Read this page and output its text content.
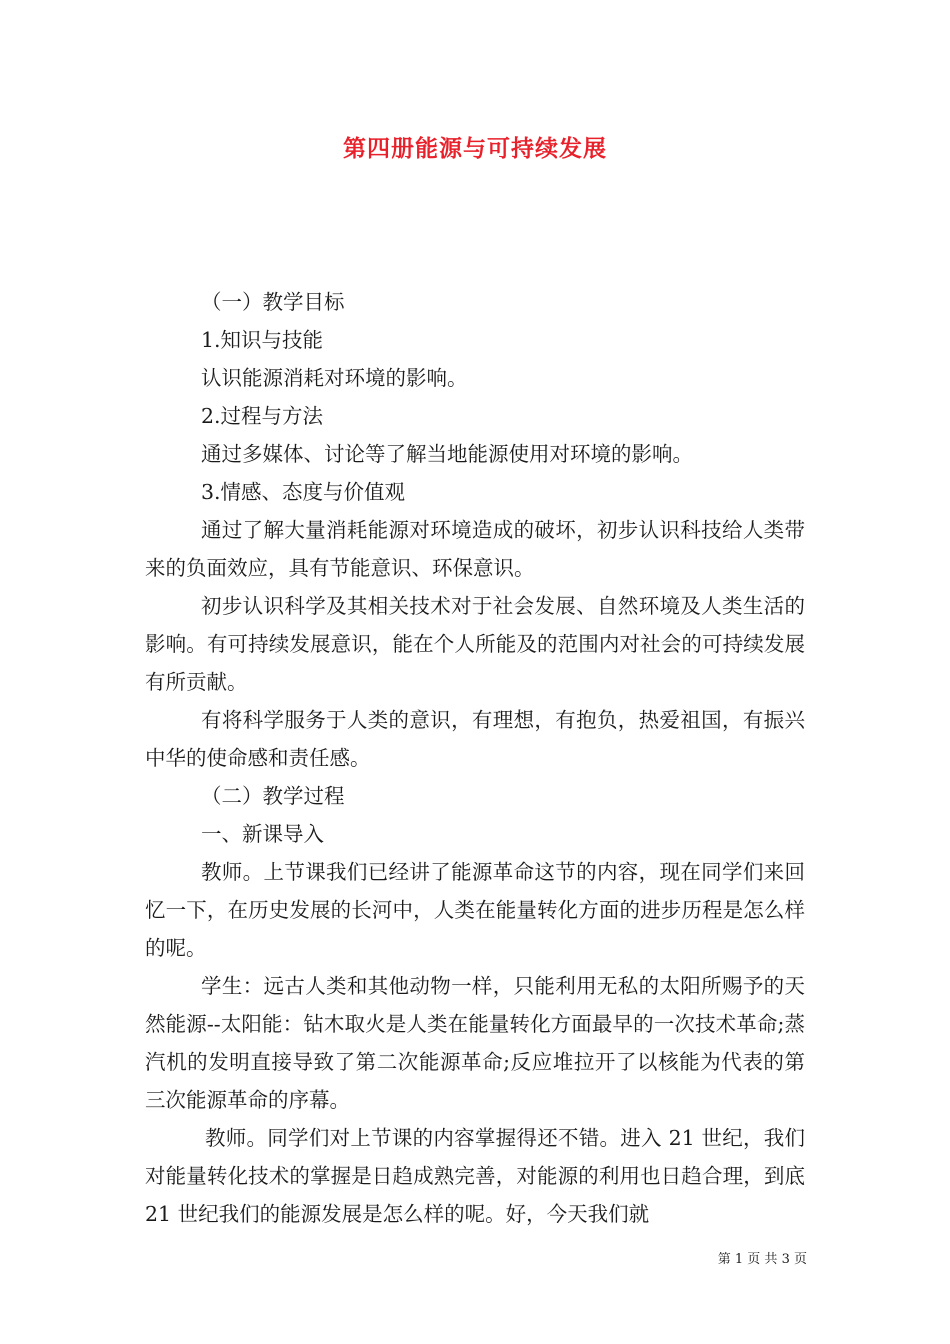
第四册能源与可持续发展

（一）教学目标

1.知识与技能

认识能源消耗对环境的影响。

2.过程与方法

通过多媒体、讨论等了解当地能源使用对环境的影响。

3.情感、态度与价值观

通过了解大量消耗能源对环境造成的破坏，初步认识科技给人类带来的负面效应，具有节能意识、环保意识。

初步认识科学及其相关技术对于社会发展、自然环境及人类生活的影响。有可持续发展意识，能在个人所能及的范围内对社会的可持续发展有所贡献。

有将科学服务于人类的意识，有理想，有抱负，热爱祖国，有振兴中华的使命感和责任感。

（二）教学过程

一、新课导入

教师。上节课我们已经讲了能源革命这节的内容，现在同学们来回忆一下，在历史发展的长河中，人类在能量转化方面的进步历程是怎么样的呢。

学生：远古人类和其他动物一样，只能利用无私的太阳所赐予的天然能源--太阳能：钻木取火是人类在能量转化方面最早的一次技术革命;蒸汽机的发明直接导致了第二次能源革命;反应堆拉开了以核能为代表的第三次能源革命的序幕。

教师。同学们对上节课的内容掌握得还不错。进入 21 世纪，我们对能量转化技术的掌握是日趋成熟完善，对能源的利用也日趋合理，到底 21 世纪我们的能源发展是怎么样的呢。好，今天我们就

第 1 页 共 3 页
